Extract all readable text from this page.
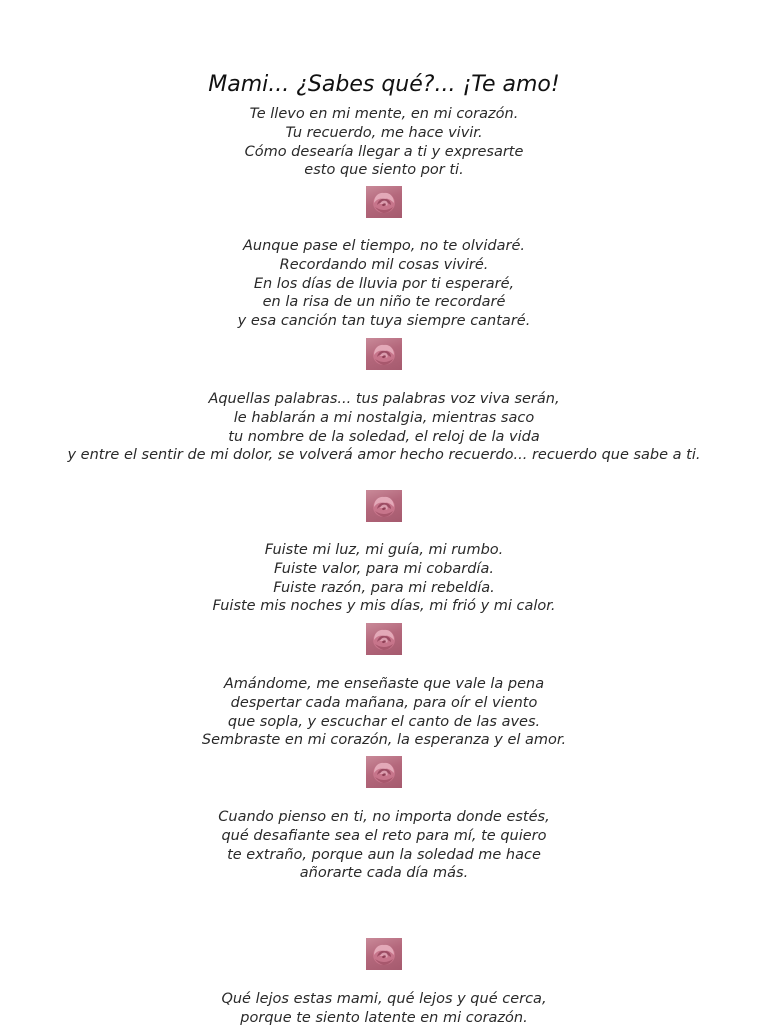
Mami... ¿Sabes qué?... ¡Te amo!
Te llevo en mi mente, en mi corazón.
Tu recuerdo, me hace vivir.
Cómo desearía llegar a ti y expresarte
esto que siento por ti.
Aunque pase el tiempo, no te olvidaré.
Recordando mil cosas viviré.
En los días de lluvia por ti esperaré,
en la risa de un niño te recordaré
y esa canción tan tuya siempre cantaré.
Aquellas palabras... tus palabras voz viva serán,
le hablarán a mi nostalgia, mientras saco
tu nombre de la soledad, el reloj de la vida
y entre el sentir de mi dolor, se volverá amor hecho recuerdo... recuerdo que sabe a ti.
Fuiste mi luz, mi guía, mi rumbo.
Fuiste valor, para mi cobardía.
Fuiste razón, para mi rebeldía.
Fuiste mis noches y mis días, mi frió y mi calor.
Amándome, me enseñaste que vale la pena
despertar cada mañana, para oír el viento
que sopla, y escuchar el canto de las aves.
Sembraste en mi corazón, la esperanza y el amor.
Cuando pienso en ti, no importa donde estés,
qué desafiante sea el reto para mí, te quiero
te extraño, porque aun la soledad me hace
añorarte cada día más.
Qué lejos estas mami, qué lejos y qué cerca,
porque te siento latente en mi corazón.
